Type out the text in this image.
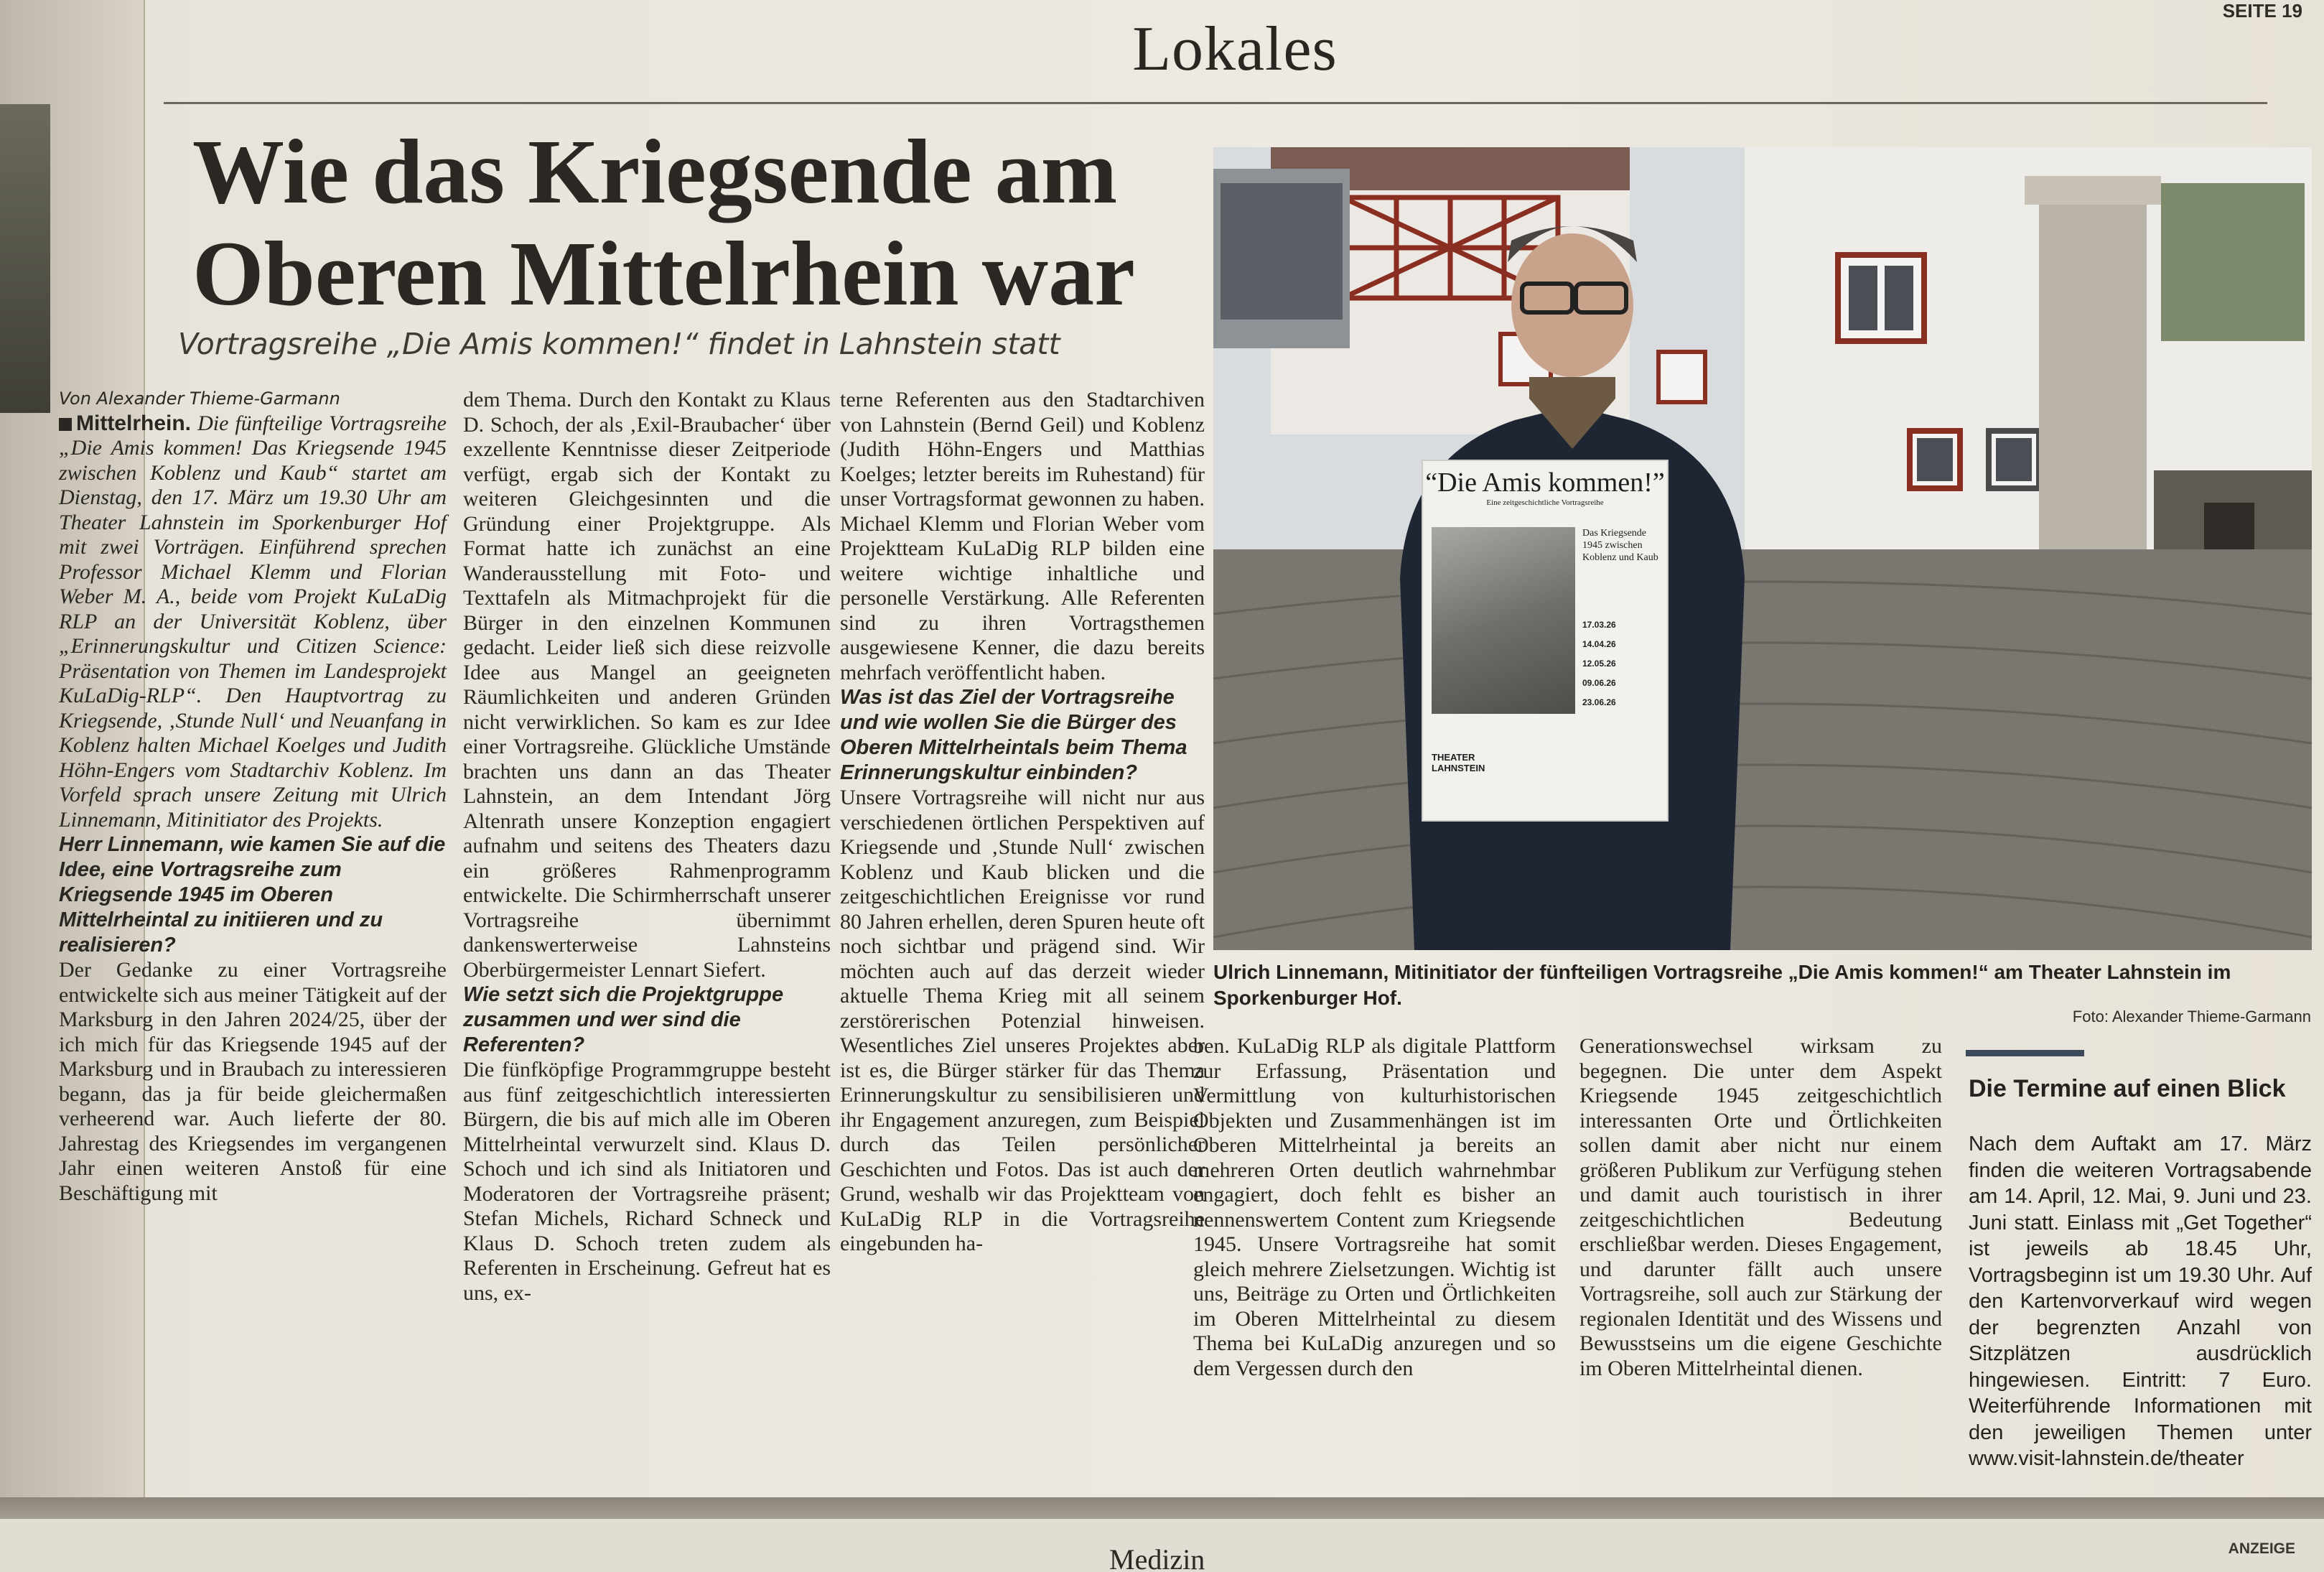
Lokales
SEITE 19
Wie das Kriegsende am
Oberen Mittelrhein war
Vortragsreihe „Die Amis kommen!“ findet in Lahnstein statt

Von Alexander Thieme-Garmann

Mittelrhein. Die fünfteilige Vortragsreihe „Die Amis kommen! Das Kriegsende 1945 zwischen Koblenz und Kaub“ startet am Dienstag, den 17. März um 19.30 Uhr am Theater Lahnstein im Sporkenburger Hof mit zwei Vorträgen. Einführend sprechen Professor Michael Klemm und Florian Weber M. A., beide vom Projekt KuLaDig RLP an der Universität Koblenz, über „Erinnerungskultur und Citizen Science: Präsentation von Themen im Landesprojekt KuLaDig-RLP“. Den Hauptvortrag zu Kriegsende, ‚Stunde Null‘ und Neuanfang in Koblenz halten Michael Koelges und Judith Höhn-Engers vom Stadtarchiv Koblenz. Im Vorfeld sprach unsere Zeitung mit Ulrich Linnemann, Mitinitiator des Projekts.

Herr Linnemann, wie kamen Sie auf die Idee, eine Vortragsreihe zum Kriegsende 1945 im Oberen Mittelrheintal zu initiieren und zu realisieren?

Der Gedanke zu einer Vortragsreihe entwickelte sich aus meiner Tätigkeit auf der Marksburg in den Jahren 2024/25, über der ich mich für das Kriegsende 1945 auf der Marksburg und in Braubach zu interessieren begann, das ja für beide gleichermaßen verheerend war. Auch lieferte der 80. Jahrestag des Kriegsendes im vergangenen Jahr einen weiteren Anstoß für eine Beschäftigung mit

dem Thema. Durch den Kontakt zu Klaus D. Schoch, der als ‚Exil-Braubacher‘ über exzellente Kenntnisse dieser Zeitperiode verfügt, ergab sich der Kontakt zu weiteren Gleichgesinnten und die Gründung einer Projektgruppe. Als Format hatte ich zunächst an eine Wanderausstellung mit Foto- und Texttafeln als Mitmachprojekt für die Bürger in den einzelnen Kommunen gedacht. Leider ließ sich diese reizvolle Idee aus Mangel an geeigneten Räumlichkeiten und anderen Gründen nicht verwirklichen. So kam es zur Idee einer Vortragsreihe. Glückliche Umstände brachten uns dann an das Theater Lahnstein, an dem Intendant Jörg Altenrath unsere Konzeption engagiert aufnahm und seitens des Theaters dazu ein größeres Rahmenprogramm entwickelte. Die Schirmherrschaft unserer Vortragsreihe übernimmt dankenswerterweise Lahnsteins Oberbürgermeister Lennart Siefert.

Wie setzt sich die Projektgruppe zusammen und wer sind die Referenten?

Die fünfköpfige Programmgruppe besteht aus fünf zeitgeschichtlich interessierten Bürgern, die bis auf mich alle im Oberen Mittelrheintal verwurzelt sind. Klaus D. Schoch und ich sind als Initiatoren und Moderatoren der Vortragsreihe präsent; Stefan Michels, Richard Schneck und Klaus D. Schoch treten zudem als Referenten in Erscheinung. Gefreut hat es uns, ex-

terne Referenten aus den Stadtarchiven von Lahnstein (Bernd Geil) und Koblenz (Judith Höhn-Engers und Matthias Koelges; letzter bereits im Ruhestand) für unser Vortragsformat gewonnen zu haben. Michael Klemm und Florian Weber vom Projektteam KuLaDig RLP bilden eine weitere wichtige inhaltliche und personelle Verstärkung. Alle Referenten sind zu ihren Vortragsthemen ausgewiesene Kenner, die dazu bereits mehrfach veröffentlicht haben.

Was ist das Ziel der Vortragsreihe und wie wollen Sie die Bürger des Oberen Mittelrheintals beim Thema Erinnerungskultur einbinden?

Unsere Vortragsreihe will nicht nur aus verschiedenen örtlichen Perspektiven auf Kriegsende und ‚Stunde Null‘ zwischen Koblenz und Kaub blicken und die zeitgeschichtlichen Ereignisse vor rund 80 Jahren erhellen, deren Spuren heute oft noch sichtbar und prägend sind. Wir möchten auch auf das derzeit wieder aktuelle Thema Krieg mit all seinem zerstörerischen Potenzial hinweisen. Wesentliches Ziel unseres Projektes aber ist es, die Bürger stärker für das Thema Erinnerungskultur zu sensibilisieren und ihr Engagement anzuregen, zum Beispiel durch das Teilen persönlicher Geschichten und Fotos. Das ist auch der Grund, weshalb wir das Projektteam von KuLaDig RLP in die Vortragsreihe eingebunden ha-

“Die Amis kommen!”
Eine zeitgeschichtliche Vortragsreihe
Das Kriegsende 1945 zwischen Koblenz und Kaub
17.03.26
14.04.26
12.05.26
09.06.26
23.06.26
THEATER LAHNSTEIN
Ulrich Linnemann, Mitinitiator der fünfteiligen Vortragsreihe „Die Amis kommen!“ am Theater Lahnstein im Sporkenburger Hof.
Foto: Alexander Thieme-Garmann

ben. KuLaDig RLP als digitale Plattform zur Erfassung, Präsentation und Vermittlung von kulturhistorischen Objekten und Zusammenhängen ist im Oberen Mittelrheintal ja bereits an mehreren Orten deutlich wahrnehmbar engagiert, doch fehlt es bisher an nennenswertem Content zum Kriegsende 1945. Unsere Vortragsreihe hat somit gleich mehrere Zielsetzungen. Wichtig ist uns, Beiträge zu Orten und Örtlichkeiten im Oberen Mittelrheintal zu diesem Thema bei KuLaDig anzuregen und so dem Vergessen durch den

Generationswechsel wirksam zu begegnen. Die unter dem Aspekt Kriegsende 1945 zeitgeschichtlich interessanten Orte und Örtlichkeiten sollen damit aber nicht nur einem größeren Publikum zur Verfügung stehen und damit auch touristisch in ihrer zeitgeschichtlichen Bedeutung erschließbar werden. Dieses Engagement, und darunter fällt auch unsere Vortragsreihe, soll auch zur Stärkung der regionalen Identität und des Wissens und Bewusstseins um die eigene Geschichte im Oberen Mittelrheintal dienen.

Die Termine auf einen Blick
Nach dem Auftakt am 17. März finden die weiteren Vortragsabende am 14. April, 12. Mai, 9. Juni und 23. Juni statt. Einlass mit „Get Together“ ist jeweils ab 18.45 Uhr, Vortragsbeginn ist um 19.30 Uhr. Auf den Kartenvorverkauf wird wegen der begrenzten Anzahl von Sitzplätzen ausdrücklich hingewiesen. Eintritt: 7 Euro. Weiterführende Informationen mit den jeweiligen Themen unter www.visit-lahnstein.de/theater
Medizin	ANZEIGE
